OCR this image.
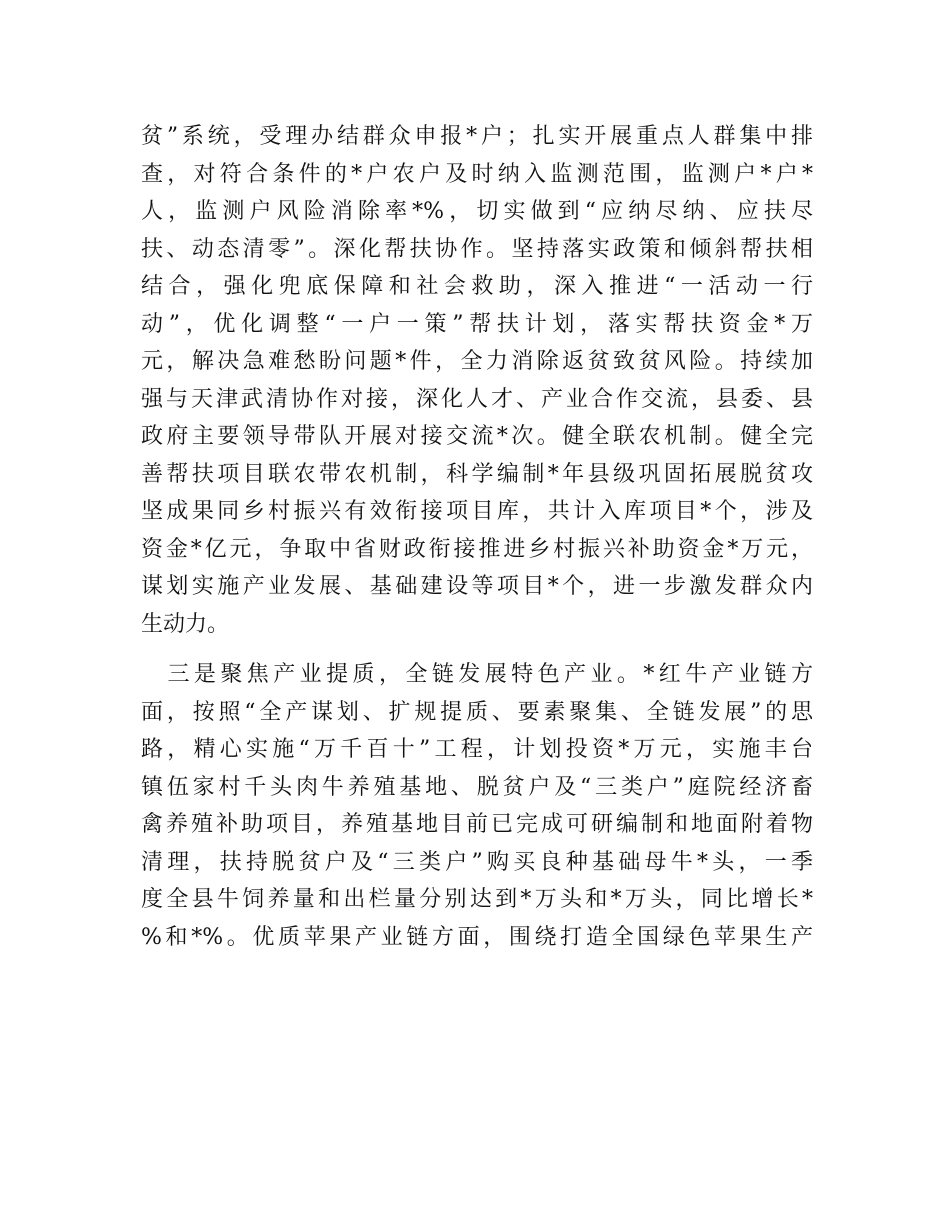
贫”系统，受理办结群众申报*户；扎实开展重点人群集中排
查，对符合条件的*户农户及时纳入监测范围，监测户*户*
人，监测户风险消除率*%，切实做到“应纳尽纳、应扶尽
扶、动态清零”。深化帮扶协作。坚持落实政策和倾斜帮扶相
结合，强化兜底保障和社会救助，深入推进“一活动一行
动”，优化调整“一户一策”帮扶计划，落实帮扶资金*万
元，解决急难愁盼问题*件，全力消除返贫致贫风险。持续加
强与天津武清协作对接，深化人才、产业合作交流，县委、县
政府主要领导带队开展对接交流*次。健全联农机制。健全完
善帮扶项目联农带农机制，科学编制*年县级巩固拓展脱贫攻
坚成果同乡村振兴有效衔接项目库，共计入库项目*个，涉及
资金*亿元，争取中省财政衔接推进乡村振兴补助资金*万元，
谋划实施产业发展、基础建设等项目*个，进一步激发群众内
生动力。
　三是聚焦产业提质，全链发展特色产业。*红牛产业链方
面，按照“全产谋划、扩规提质、要素聚集、全链发展”的思
路，精心实施“万千百十”工程，计划投资*万元，实施丰台
镇伍家村千头肉牛养殖基地、脱贫户及“三类户”庭院经济畜
禽养殖补助项目，养殖基地目前已完成可研编制和地面附着物
清理，扶持脱贫户及“三类户”购买良种基础母牛*头，一季
度全县牛饲养量和出栏量分别达到*万头和*万头，同比增长*
%和*%。优质苹果产业链方面，围绕打造全国绿色苹果生产
